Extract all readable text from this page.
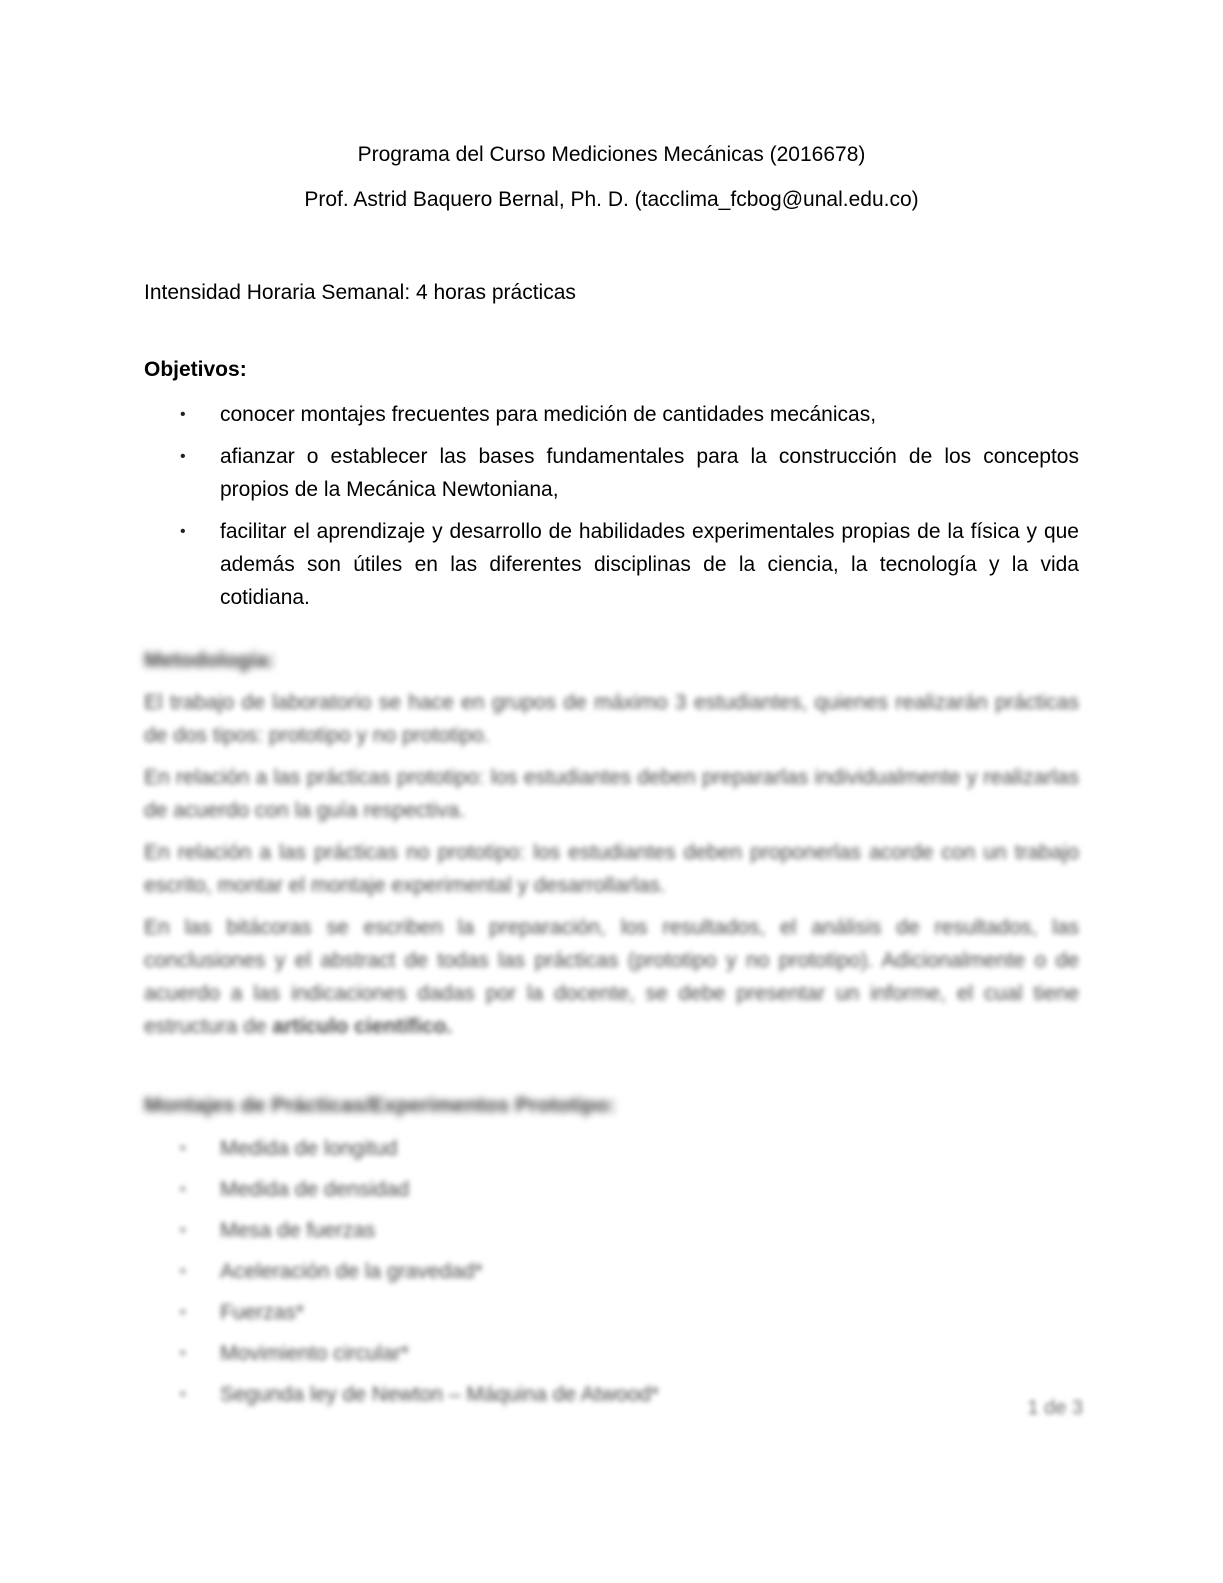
Programa del Curso Mediciones Mecánicas (2016678)

Prof. Astrid Baquero Bernal, Ph. D. (tacclima_fcbog@unal.edu.co)

Intensidad Horaria Semanal: 4 horas prácticas

Objetivos:

• conocer montajes frecuentes para medición de cantidades mecánicas,
• afianzar o establecer las bases fundamentales para la construcción de los conceptos propios de la Mecánica Newtoniana,
• facilitar el aprendizaje y desarrollo de habilidades experimentales propias de la física y que además son útiles en las diferentes disciplinas de la ciencia, la tecnología y la vida cotidiana.

Metodología:

El trabajo de laboratorio se hace en grupos de máximo 3 estudiantes, quienes realizarán prácticas de dos tipos: prototipo y no prototipo.

En relación a las prácticas prototipo: los estudiantes deben prepararlas individualmente y realizarlas de acuerdo con la guía respectiva.

En relación a las prácticas no prototipo: los estudiantes deben proponerlas acorde con un trabajo escrito, montar el montaje experimental y desarrollarlas.

En las bitácoras se escriben la preparación, los resultados, el análisis de resultados, las conclusiones y el abstract de todas las prácticas (prototipo y no prototipo). Adicionalmente o de acuerdo a las indicaciones dadas por la docente, se debe presentar un informe, el cual tiene estructura de artículo científico.

Montajes de Prácticas/Experimentos Prototipo:

• Medida de longitud
• Medida de densidad
• Mesa de fuerzas
• Aceleración de la gravedad*
• Fuerzas*
• Movimiento circular*
• Segunda ley de Newton – Máquina de Atwood*
1 de 3
